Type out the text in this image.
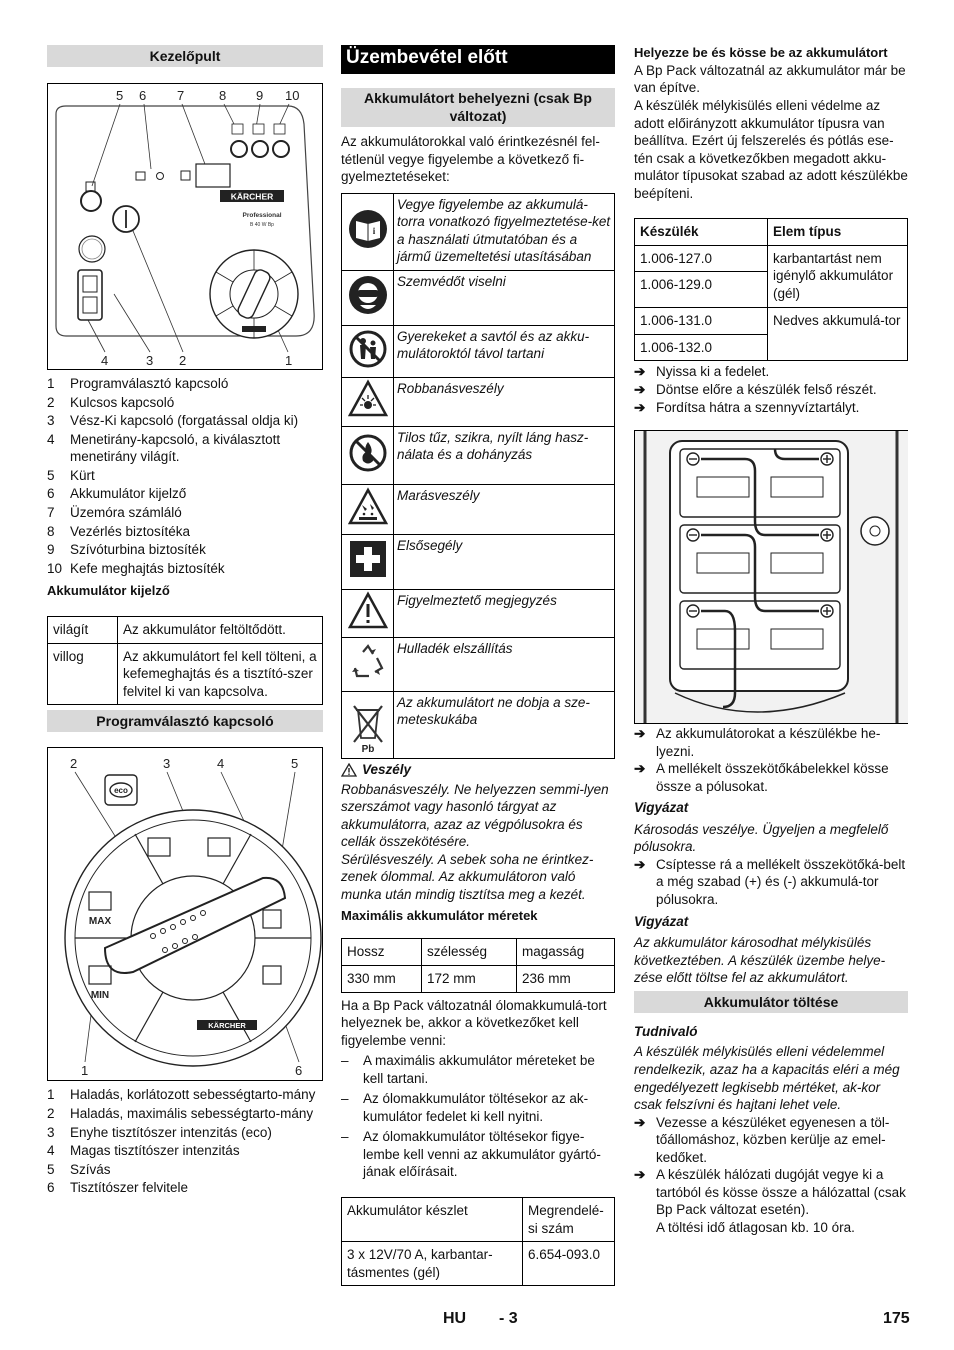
Kezelőpult
5 6 7	8 9 10
4	3 2	1
KÄRCHER
Professional
B 40 W Bp
1	Programválasztó kapcsoló
2	Kulcsos kapcsoló
3	Vész-Ki kapcsoló (forgatással oldja ki)
4	Menetirány-kapcsoló, a kiválasztott menetirány világít.
5	Kürt
6	Akkumulátor kijelző
7	Üzemóra számláló
8	Vezérlés biztosítéka
9	Szívóturbina biztosíték
10 Kefe meghajtás biztosíték
Akkumulátor kijelző
világít	Az akkumulátor feltöltődött.
villog	Az akkumulátort fel kell tölteni, a kefemeghajtás és a tisztító-szer felvitel ki van kapcsolva.
Programválasztó kapcsoló
2	3	4	5
1	6
eco
MAX
MIN
KÄRCHER
1	Haladás, korlátozott sebességtarto-mány
2	Haladás, maximális sebességtarto-mány
3	Enyhe tisztítószer intenzitás (eco)
4	Magas tisztítószer intenzitás
5	Szívás
6	Tisztítószer felvitele
Üzembevétel előtt
Akkumulátort behelyezni (csak Bp változat)

Az akkumulátorokkal való érintkezésnél fel-tétlenül vegye figyelembe a következő fi-gyelmeztetéseket:

i	Vegye figyelembe az akkumulá-torra vonatkozó figyelmeztetése-ket a használati útmutatóban és a jármű üzemeltetési utasításában
	Szemvédőt viselni
	Gyerekeket a savtól és az akku-mulátoroktól távol tartani
	Robbanásveszély
	Tilos tűz, szikra, nyílt láng hasz-nálata és a dohányzás
	Marásveszély
	Elsősegély
	Figyelmeztető megjegyzés
	Hulladék elszállítás

Pb	Az akkumulátort ne dobja a sze-meteskukába
Veszély

Robbanásveszély. Ne helyezzen semmi-lyen szerszámot vagy hasonló tárgyat az akkumulátorra, azaz az végpólusokra és cellák összekötésére.

Sérülésveszély. A sebek soha ne érintkez-zenek ólommal. Az akkumulátoron való munka után mindig tisztítsa meg a kezét.

Maximális akkumulátor méretek
Hossz	szélesség	magasság
330 mm	172 mm	236 mm

Ha a Bp Pack változatnál ólomakkumulá-tort helyeznek be, akkor a következőket kell figyelembe venni:

–	A maximális akkumulátor méreteket be kell tartani.
–	Az ólomakkumulátor töltésekor az ak-kumulátor fedelet ki kell nyitni.
–	Az ólomakkumulátor töltésekor figye-lembe kell venni az akkumulátor gyártó-jának előírásait.
Akkumulátor készlet	Megrendelé-si szám
3 x 12V/70 A, karbantar-tásmentes (gél)	6.654-093.0
Helyezze be és kösse be az akkumulátort

A Bp Pack változatnál az akkumulátor már be van építve.

A készülék mélykisülés elleni védelme az adott előirányzott akkumulátor típusra van beállítva. Ezért új felszerelés és pótlás ese-tén csak a következőkben megadott akku-mulátor típusokat szabad az adott készülékbe beépíteni.

Készülék	Elem típus
1.006-127.0	karbantartást nem igénylő akkumulátor (gél)
1.006-129.0	
1.006-131.0	Nedves akkumulá-tor
1.006-132.0	
➔ Nyissa ki a fedelet.
➔ Döntse előre a készülék felső részét.
➔ Fordítsa hátra a szennyvíztartályt.
➔ Az akkumulátorokat a készülékbe he-lyezni.
➔ A mellékelt összekötőkábelekkel kösse össze a pólusokat.
Vigyázat

Károsodás veszélye. Ügyeljen a megfelelő pólusokra.

➔ Csíptesse rá a mellékelt összekötőká-belt a még szabad (+) és (-) akkumulá-tor pólusokra.
Vigyázat

Az akkumulátor károsodhat mélykisülés következtében. A készülék üzembe helye-zése előtt töltse fel az akkumulátort.

Akkumulátor töltése
Tudnivaló

A készülék mélykisülés elleni védelemmel rendelkezik, azaz ha a kapacitás eléri a még engedélyezett legkisebb mértéket, ak-kor csak felszívni és hajtani lehet vele.

➔ Vezesse a készüléket egyenesen a töl-tőállomáshoz, közben kerülje az emel-kedőket.
➔ A készülék hálózati dugóját vegye ki a tartóból és kösse össze a hálózattal (csak Bp Pack változat esetén).

A töltési idő átlagosan kb. 10 óra.

HU - 3	175
